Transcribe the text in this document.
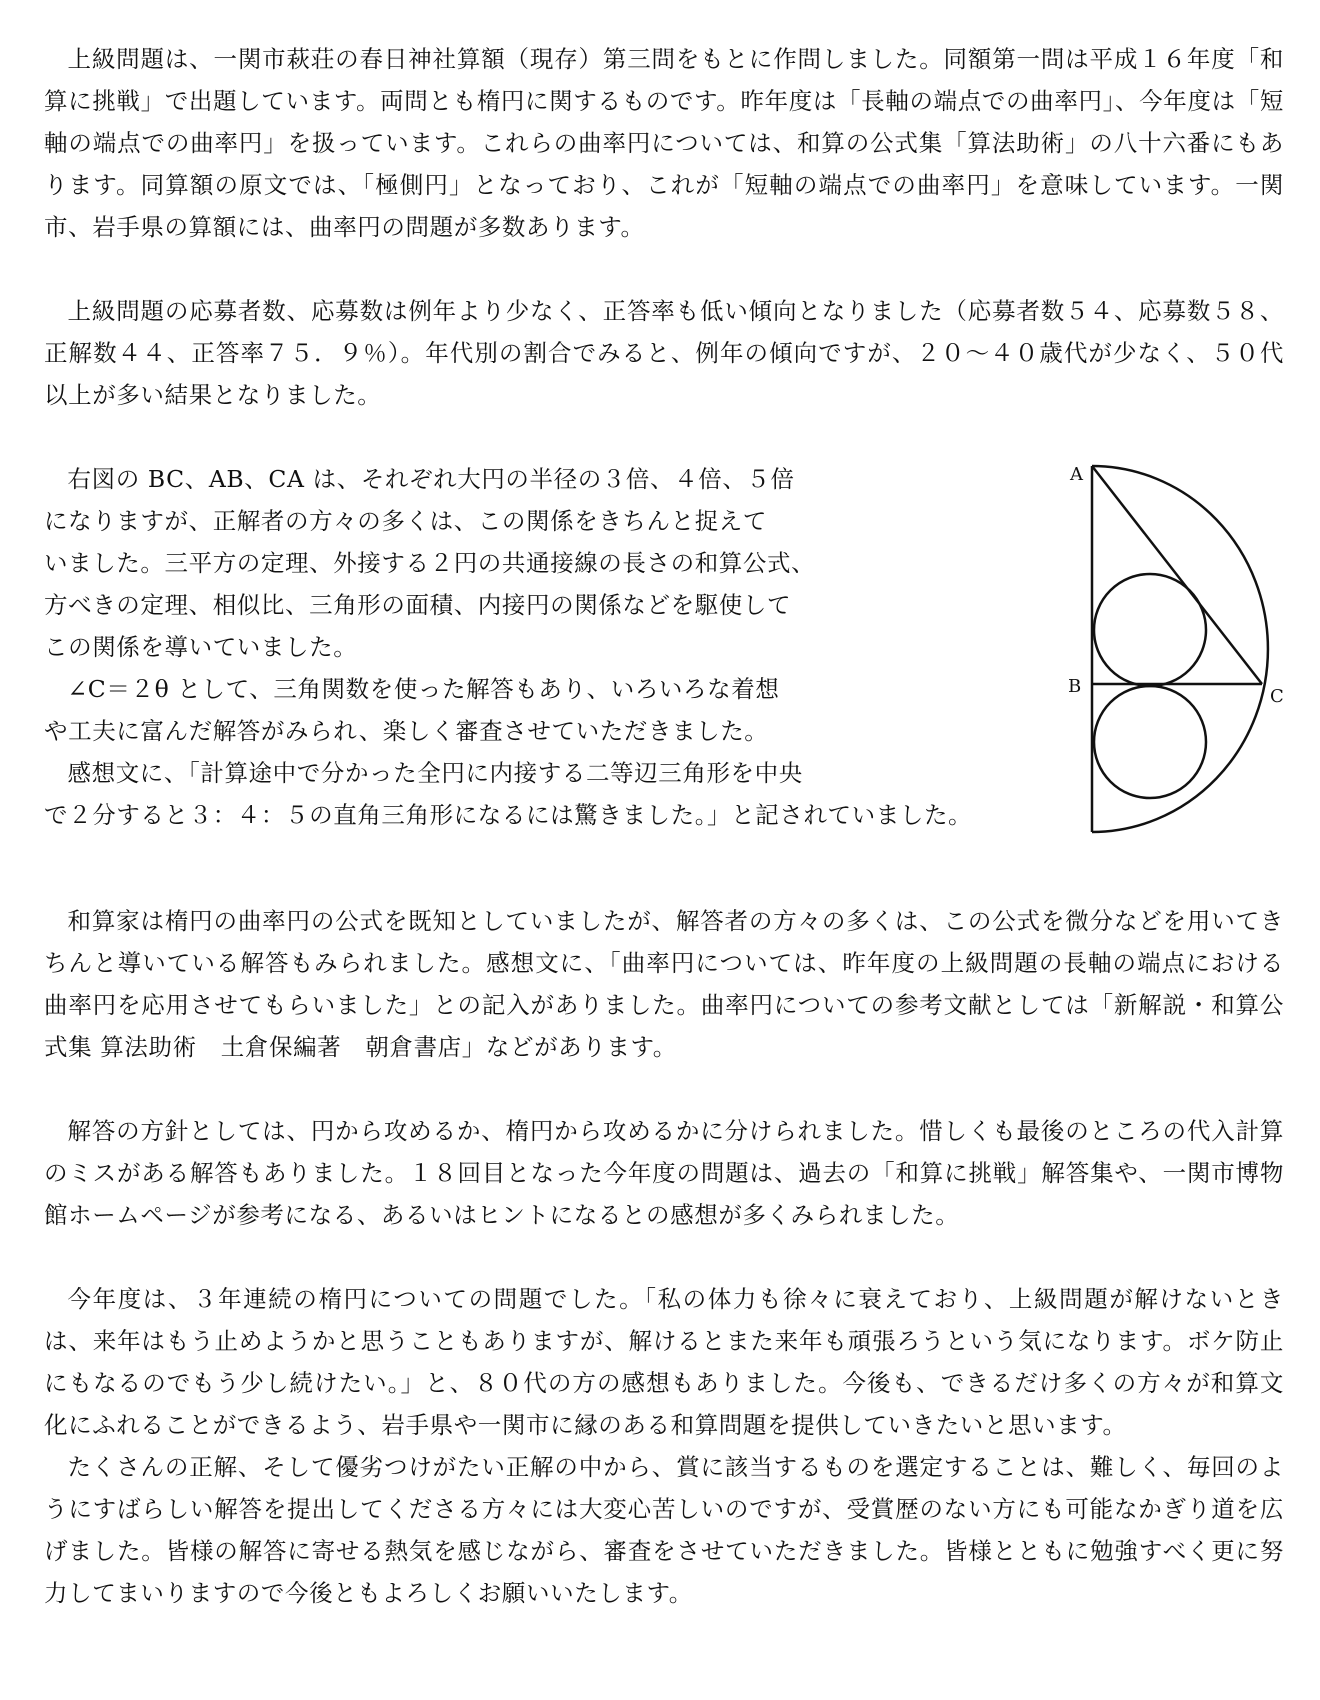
上級問題は、一関市萩荘の春日神社算額（現存）第三問をもとに作問しました。同額第一問は平成１６年度「和算に挑戦」で出題しています。両問とも楕円に関するものです。昨年度は「長軸の端点での曲率円」、今年度は「短軸の端点での曲率円」を扱っています。これらの曲率円については、和算の公式集「算法助術」の八十六番にもあります。同算額の原文では、「極側円」となっており、これが「短軸の端点での曲率円」を意味しています。一関市、岩手県の算額には、曲率円の問題が多数あります。

上級問題の応募者数、応募数は例年より少なく、正答率も低い傾向となりました（応募者数５４、応募数５８、正解数４４、正答率７５．９％）。年代別の割合でみると、例年の傾向ですが、２０～４０歳代が少なく、５０代以上が多い結果となりました。

右図の BC、AB、CA は、それぞれ大円の半径の３倍、４倍、５倍

になりますが、正解者の方々の多くは、この関係をきちんと捉えて

いました。三平方の定理、外接する２円の共通接線の長さの和算公式、

方べきの定理、相似比、三角形の面積、内接円の関係などを駆使して

この関係を導いていました。

∠C＝２θ として、三角関数を使った解答もあり、いろいろな着想

や工夫に富んだ解答がみられ、楽しく審査させていただきました。

感想文に、「計算途中で分かった全円に内接する二等辺三角形を中央

で２分すると３：４：５の直角三角形になるには驚きました。」と記されていました。

A
B	C

和算家は楕円の曲率円の公式を既知としていましたが、解答者の方々の多くは、この公式を微分などを用いてきちんと導いている解答もみられました。感想文に、「曲率円については、昨年度の上級問題の長軸の端点における曲率円を応用させてもらいました」との記入がありました。曲率円についての参考文献としては「新解説・和算公式集 算法助術　土倉保編著　朝倉書店」などがあります。

解答の方針としては、円から攻めるか、楕円から攻めるかに分けられました。惜しくも最後のところの代入計算のミスがある解答もありました。１８回目となった今年度の問題は、過去の「和算に挑戦」解答集や、一関市博物館ホームページが参考になる、あるいはヒントになるとの感想が多くみられました。

今年度は、３年連続の楕円についての問題でした。「私の体力も徐々に衰えており、上級問題が解けないときは、来年はもう止めようかと思うこともありますが、解けるとまた来年も頑張ろうという気になります。ボケ防止にもなるのでもう少し続けたい。」と、８０代の方の感想もありました。今後も、できるだけ多くの方々が和算文化にふれることができるよう、岩手県や一関市に縁のある和算問題を提供していきたいと思います。

たくさんの正解、そして優劣つけがたい正解の中から、賞に該当するものを選定することは、難しく、毎回のようにすばらしい解答を提出してくださる方々には大変心苦しいのですが、受賞歴のない方にも可能なかぎり道を広げました。皆様の解答に寄せる熱気を感じながら、審査をさせていただきました。皆様とともに勉強すべく更に努力してまいりますので今後ともよろしくお願いいたします。
